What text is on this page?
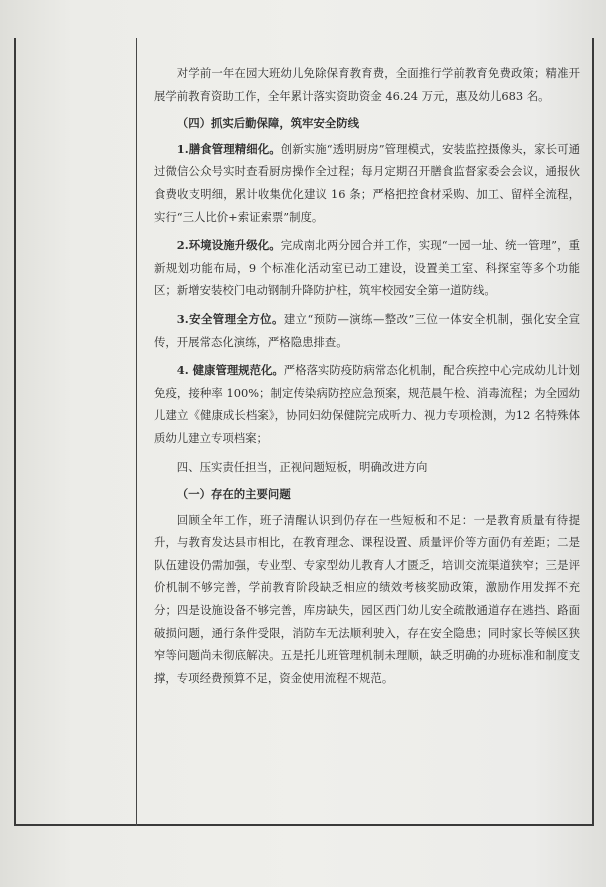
对学前一年在园大班幼儿免除保育教育费，全面推行学前教育免费政策；精准开展学前教育资助工作，全年累计落实资助资金 46.24 万元，惠及幼儿683 名。

（四）抓实后勤保障，筑牢安全防线

1.膳食管理精细化。创新实施“透明厨房”管理模式，安装监控摄像头，家长可通过微信公众号实时查看厨房操作全过程；每月定期召开膳食监督家委会会议，通报伙食费收支明细，累计收集优化建议 16 条；严格把控食材采购、加工、留样全流程，实行“三人比价+索证索票”制度。

2.环境设施升级化。完成南北两分园合并工作，实现“一园一址、统一管理”，重新规划功能布局，9 个标准化活动室已动工建设，设置美工室、科探室等多个功能区；新增安装校门电动钢制升降防护柱，筑牢校园安全第一道防线。

3.安全管理全方位。建立“预防—演练—整改”三位一体安全机制，强化安全宣传，开展常态化演练，严格隐患排查。

4. 健康管理规范化。严格落实防疫防病常态化机制，配合疾控中心完成幼儿计划免疫，接种率 100%；制定传染病防控应急预案，规范晨午检、消毒流程；为全园幼儿建立《健康成长档案》，协同妇幼保健院完成听力、视力专项检测，为12 名特殊体质幼儿建立专项档案；

四、压实责任担当，正视问题短板，明确改进方向

（一）存在的主要问题

回顾全年工作，班子清醒认识到仍存在一些短板和不足：一是教育质量有待提升，与教育发达县市相比，在教育理念、课程设置、质量评价等方面仍有差距；二是队伍建设仍需加强，专业型、专家型幼儿教育人才匮乏，培训交流渠道狭窄；三是评价机制不够完善，学前教育阶段缺乏相应的绩效考核奖励政策，激励作用发挥不充分；四是设施设备不够完善，库房缺失，园区西门幼儿安全疏散通道存在逃挡、路面破损问题，通行条件受限，消防车无法顺利驶入，存在安全隐患；同时家长等候区狭窄等问题尚未彻底解决。五是托儿班管理机制未理顺，缺乏明确的办班标准和制度支撑，专项经费预算不足，资金使用流程不规范。
